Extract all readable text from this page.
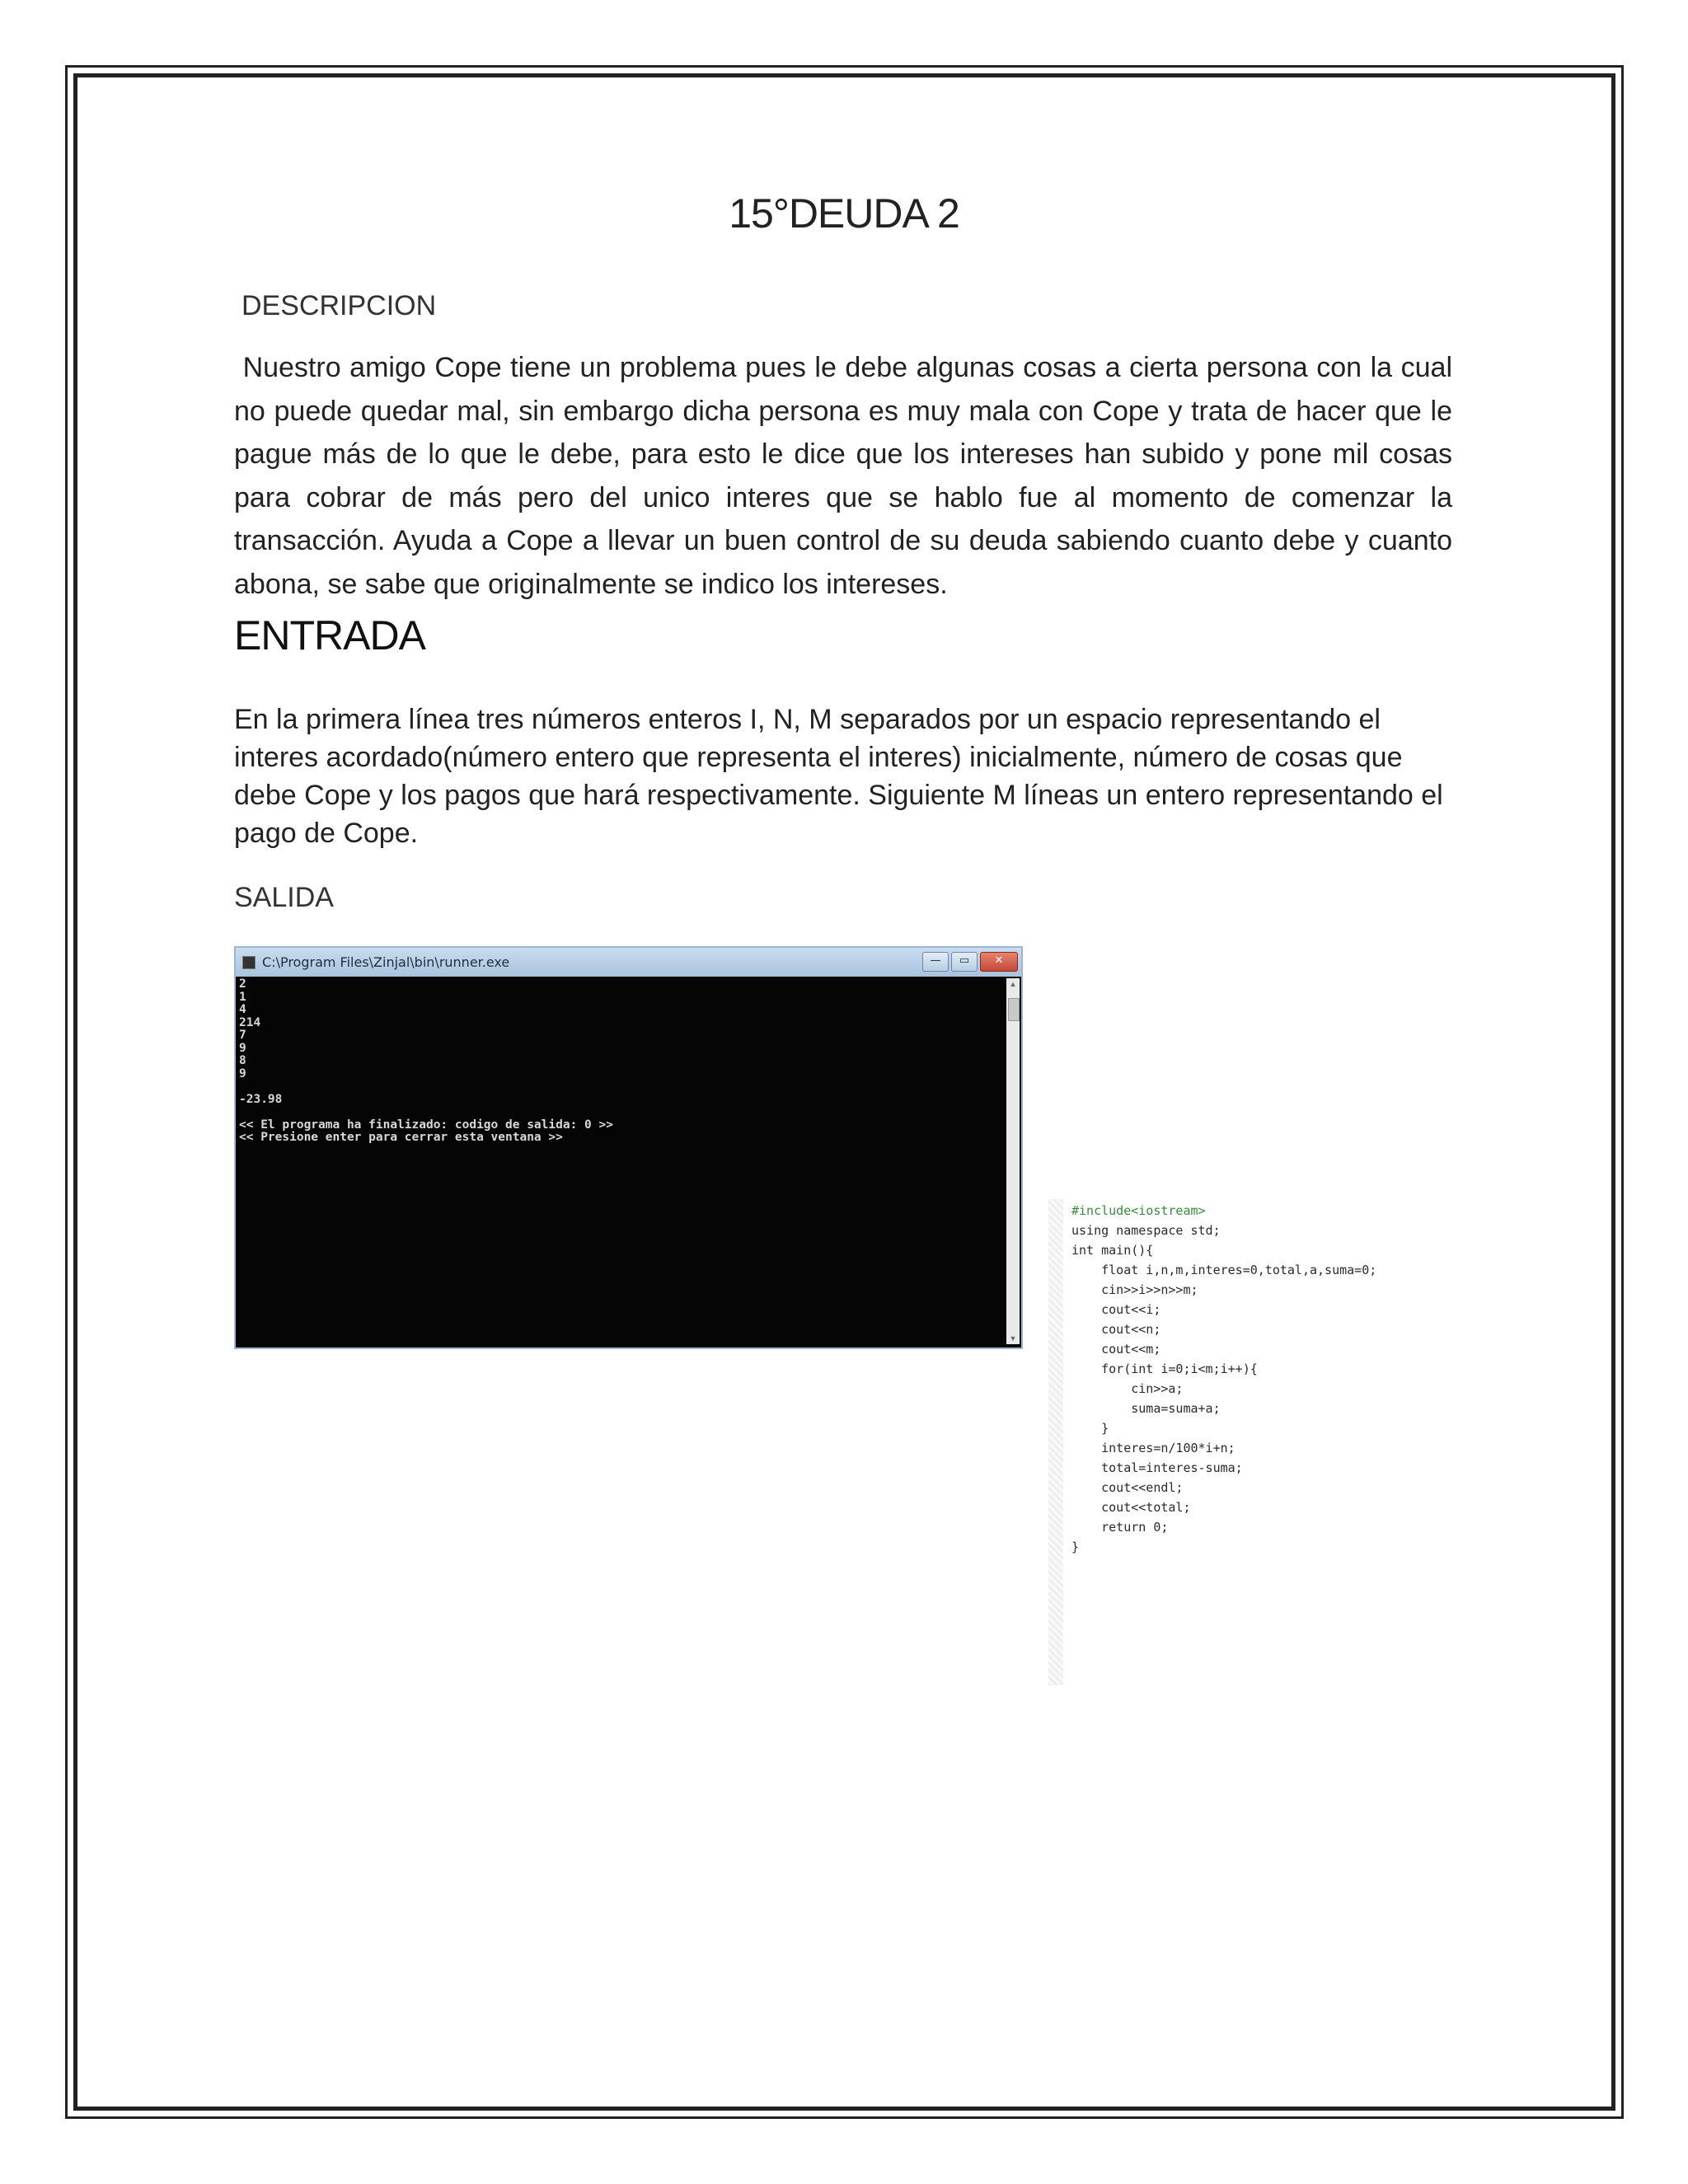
15°DEUDA 2
DESCRIPCION
Nuestro amigo Cope tiene un problema pues le debe algunas cosas a cierta persona con la cual no puede quedar mal, sin embargo dicha persona es muy mala con Cope y trata de hacer que le pague más de lo que le debe, para esto le dice que los intereses han subido y pone mil cosas para cobrar de más pero del unico interes que se hablo fue al momento de comenzar la transacción. Ayuda a Cope a llevar un buen control de su deuda sabiendo cuanto debe y cuanto abona, se sabe que originalmente se indico los intereses.
ENTRADA
En la primera línea tres números enteros I, N, M separados por un espacio representando el interes acordado(número entero que representa el interes) inicialmente, número de cosas que debe Cope y los pagos que hará respectivamente. Siguiente M líneas un entero representando el pago de Cope.
SALIDA
C:\Program Files\Zinjal\bin\runner.exe	—	▭	✕
2
1
4
214
7
9
8
9

-23.98

<< El programa ha finalizado: codigo de salida: 0 >>
<< Presione enter para cerrar esta ventana >>
▲
▼
#include<iostream>
using namespace std;
int main(){
float i,n,m,interes=0,total,a,suma=0;
cin>>i>>n>>m;
cout<<i;
cout<<n;
cout<<m;
for(int i=0;i<m;i++){
cin>>a;
suma=suma+a;
}
interes=n/100*i+n;
total=interes-suma;
cout<<endl;
cout<<total;
return 0;
}
